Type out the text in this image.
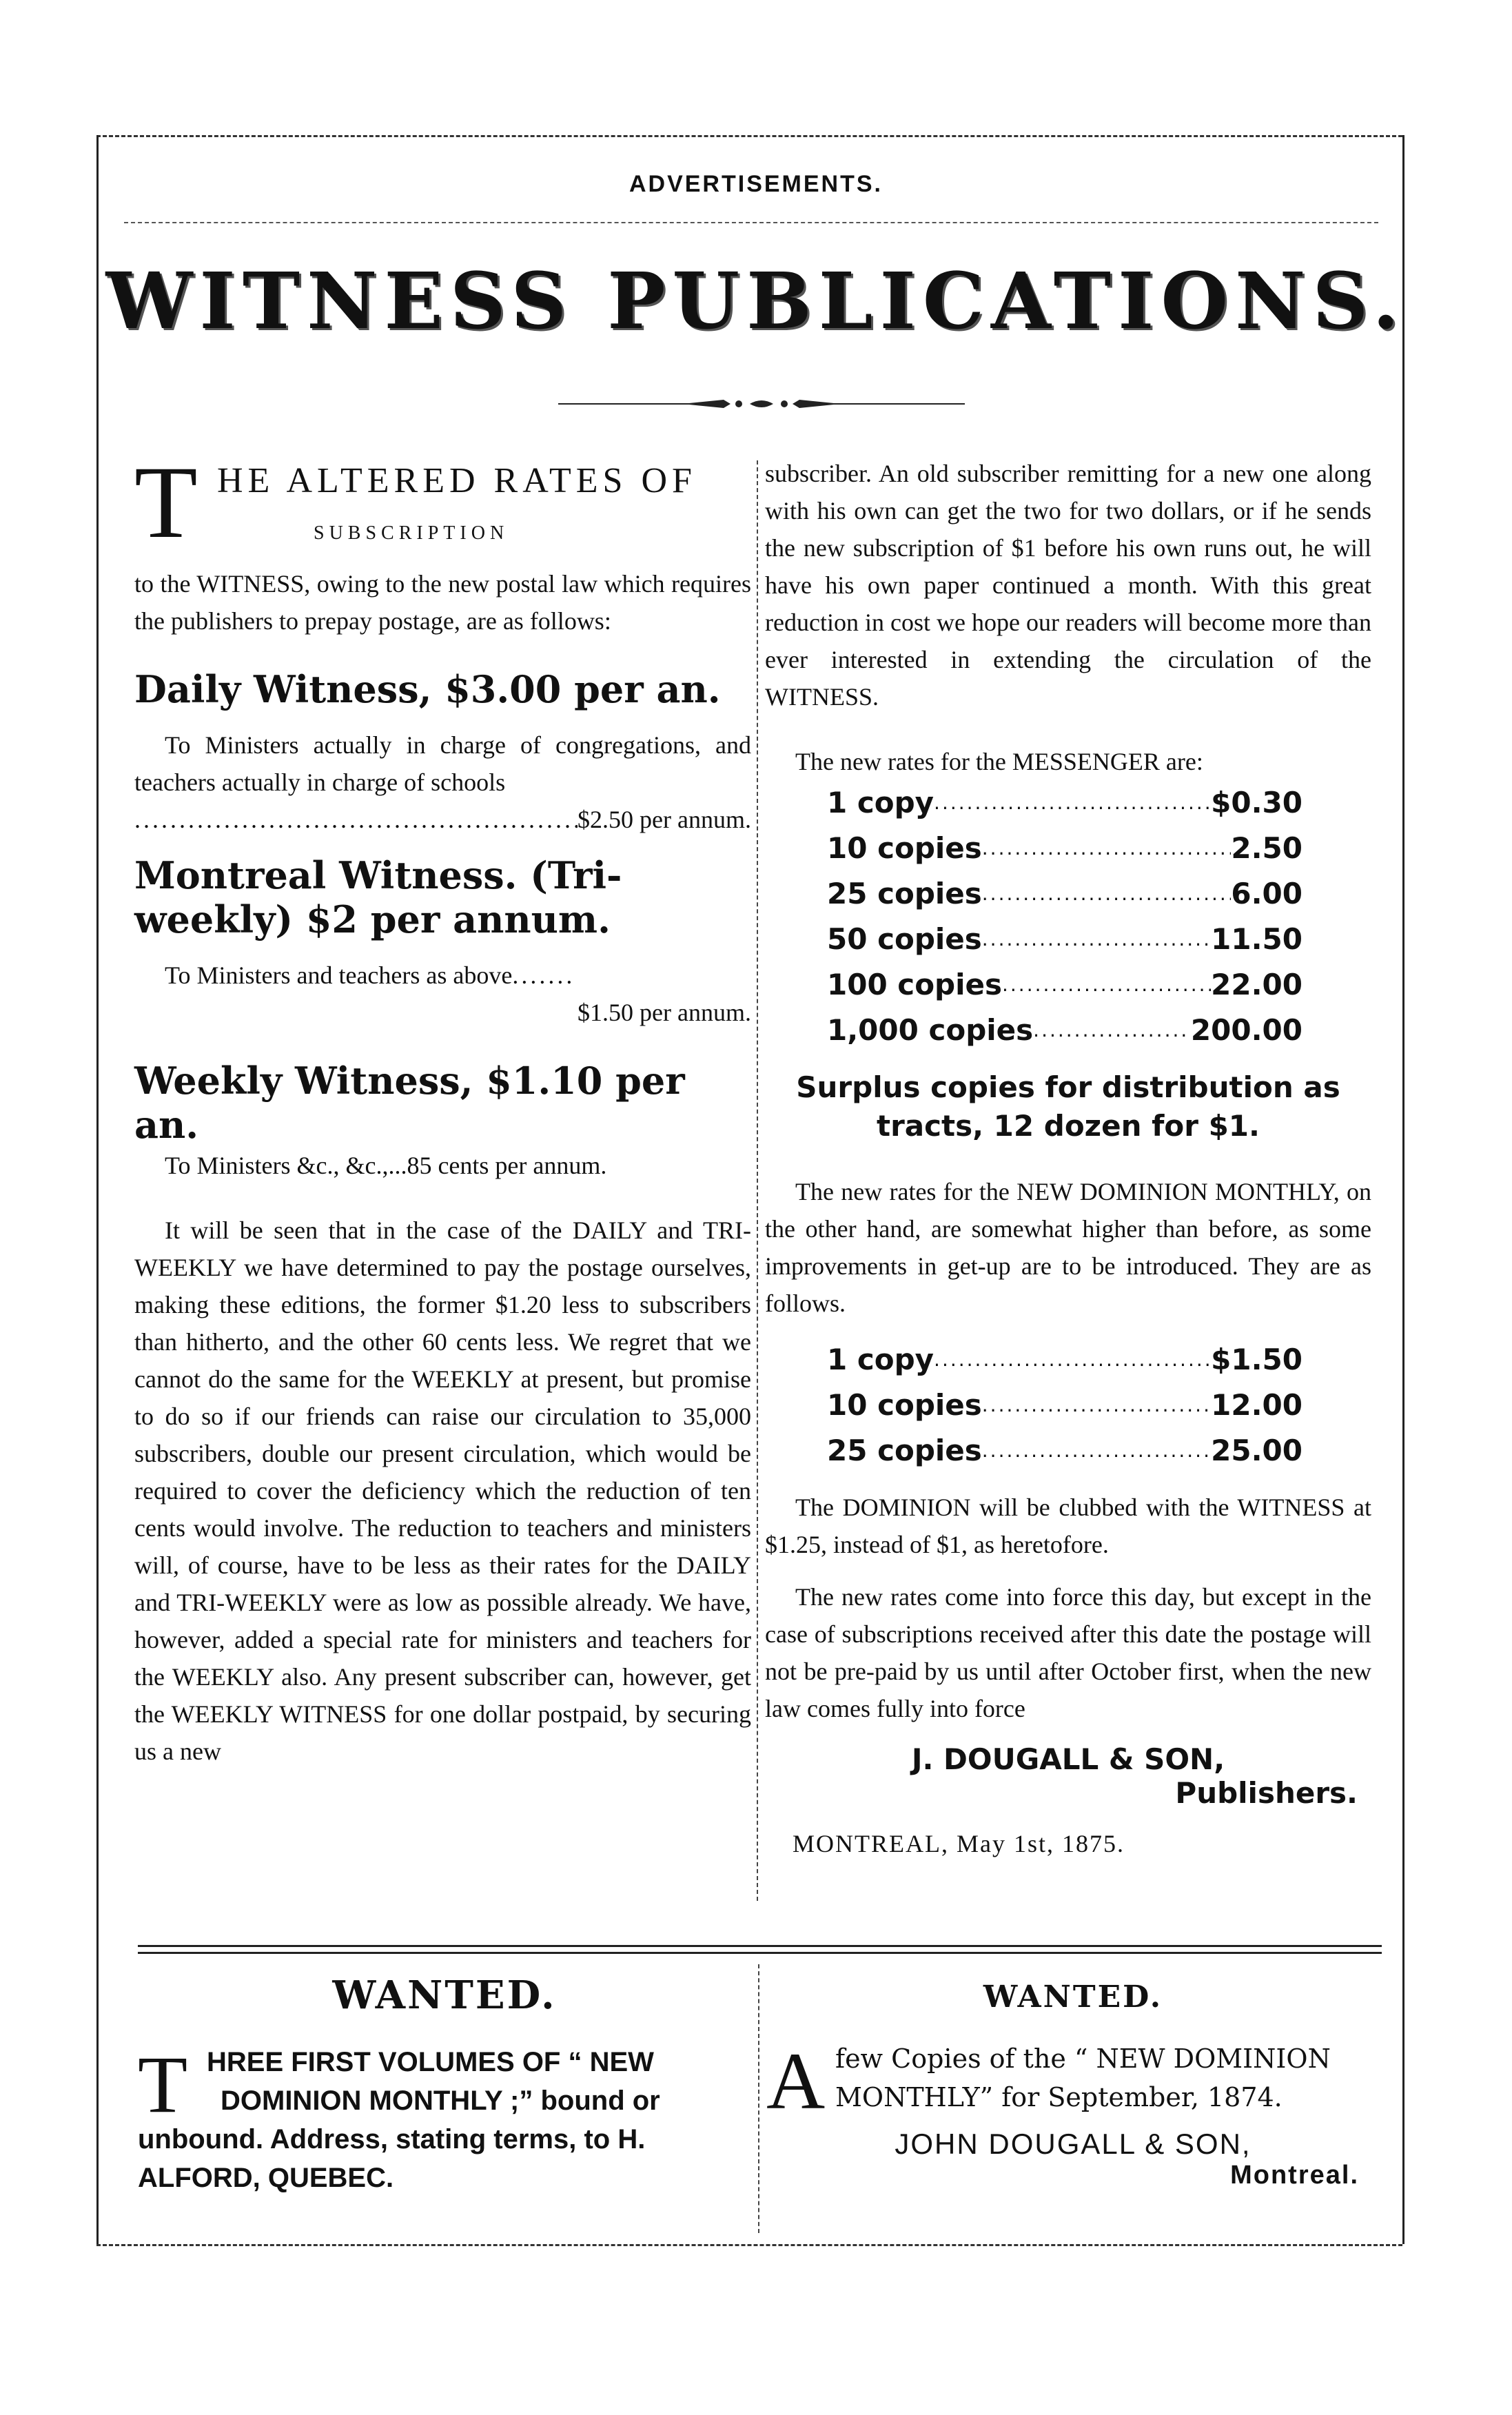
ADVERTISEMENTS.
WITNESS PUBLICATIONS.
T HE ALTERED RATES OF
SUBSCRIPTION

to the WITNESS, owing to the new postal law which requires the publishers to prepay postage, are as follows:

Daily Witness, $3.00 per an.

To Ministers actually in charge of congregations, and teachers actually in charge of schools

.....
$2.50 per annum.

Montreal Witness. (Tri-weekly) $2 per annum.

To Ministers and teachers as above
.....

$1.50 per annum.

Weekly Witness, $1.10 per an.

To Ministers &c., &c.,...85 cents per annum.

It will be seen that in the case of the DAILY and TRI-WEEKLY we have determined to pay the postage ourselves, making these editions, the former $1.20 less to subscribers than hitherto, and the other 60 cents less. We regret that we cannot do the same for the WEEKLY at present, but promise to do so if our friends can raise our circulation to 35,000 subscribers, double our present circulation, which would be required to cover the deficiency which the reduction of ten cents would involve. The reduction to teachers and ministers will, of course, have to be less as their rates for the DAILY and TRI-WEEKLY were as low as possible already. We have, however, added a special rate for ministers and teachers for the WEEKLY also. Any present subscriber can, however, get the WEEKLY WITNESS for one dollar postpaid, by securing us a new

subscriber. An old subscriber remitting for a new one along with his own can get the two for two dollars, or if he sends the new subscription of $1 before his own runs out, he will have his own paper continued a month. With this great reduction in cost we hope our readers will become more than ever interested in extending the circulation of the WITNESS.

The new rates for the MESSENGER are:

1 copy .....	$0.30
10 copies .....	2.50
25 copies .....	6.00
50 copies .....	11.50
100 copies .....	22.00
1,000 copies .....	200.00

Surplus copies for distribution as tracts, 12 dozen for $1.

The new rates for the NEW DOMINION MONTHLY, on the other hand, are somewhat higher than before, as some improvements in get-up are to be introduced. They are as follows.

1 copy .....	$1.50
10 copies .....	12.00
25 copies .....	25.00

The DOMINION will be clubbed with the WITNESS at $1.25, instead of $1, as heretofore.

The new rates come into force this day, but except in the case of subscriptions received after this date the postage will not be pre-paid by us until after October first, when the new law comes fully into force

J. DOUGALL & SON,

Publishers.

MONTREAL, May 1st, 1875.

WANTED.

T HREE FIRST VOLUMES OF “ NEW

DOMINION MONTHLY ;” bound or

unbound. Address, stating terms, to H.

ALFORD, QUEBEC.

WANTED.

A few Copies of the “ NEW DOMINION

MONTHLY” for September, 1874.

JOHN DOUGALL & SON,

Montreal.
